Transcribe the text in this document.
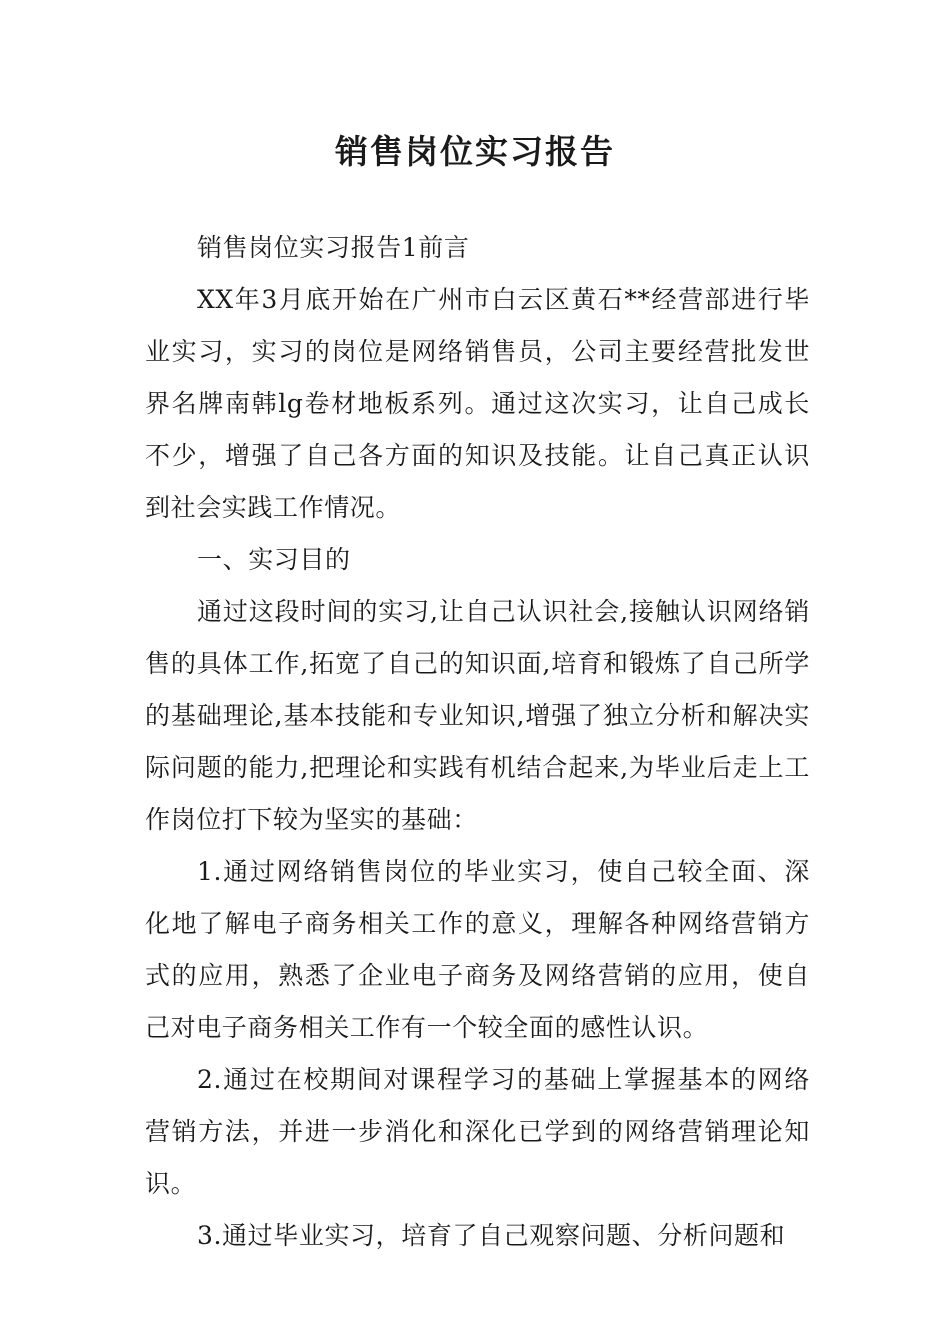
销售岗位实习报告

销售岗位实习报告1前言

XX年3月底开始在广州市白云区黄石**经营部进行毕业实习，实习的岗位是网络销售员，公司主要经营批发世界名牌南韩lg卷材地板系列。通过这次实习，让自己成长不少，增强了自己各方面的知识及技能。让自己真正认识到社会实践工作情况。

一、实习目的

通过这段时间的实习,让自己认识社会,接触认识网络销售的具体工作,拓宽了自己的知识面,培育和锻炼了自己所学的基础理论,基本技能和专业知识,增强了独立分析和解决实际问题的能力,把理论和实践有机结合起来,为毕业后走上工作岗位打下较为坚实的基础：

1.通过网络销售岗位的毕业实习，使自己较全面、深化地了解电子商务相关工作的意义，理解各种网络营销方式的应用，熟悉了企业电子商务及网络营销的应用，使自己对电子商务相关工作有一个较全面的感性认识。

2.通过在校期间对课程学习的基础上掌握基本的网络营销方法，并进一步消化和深化已学到的网络营销理论知识。

3.通过毕业实习，培育了自己观察问题、分析问题和
